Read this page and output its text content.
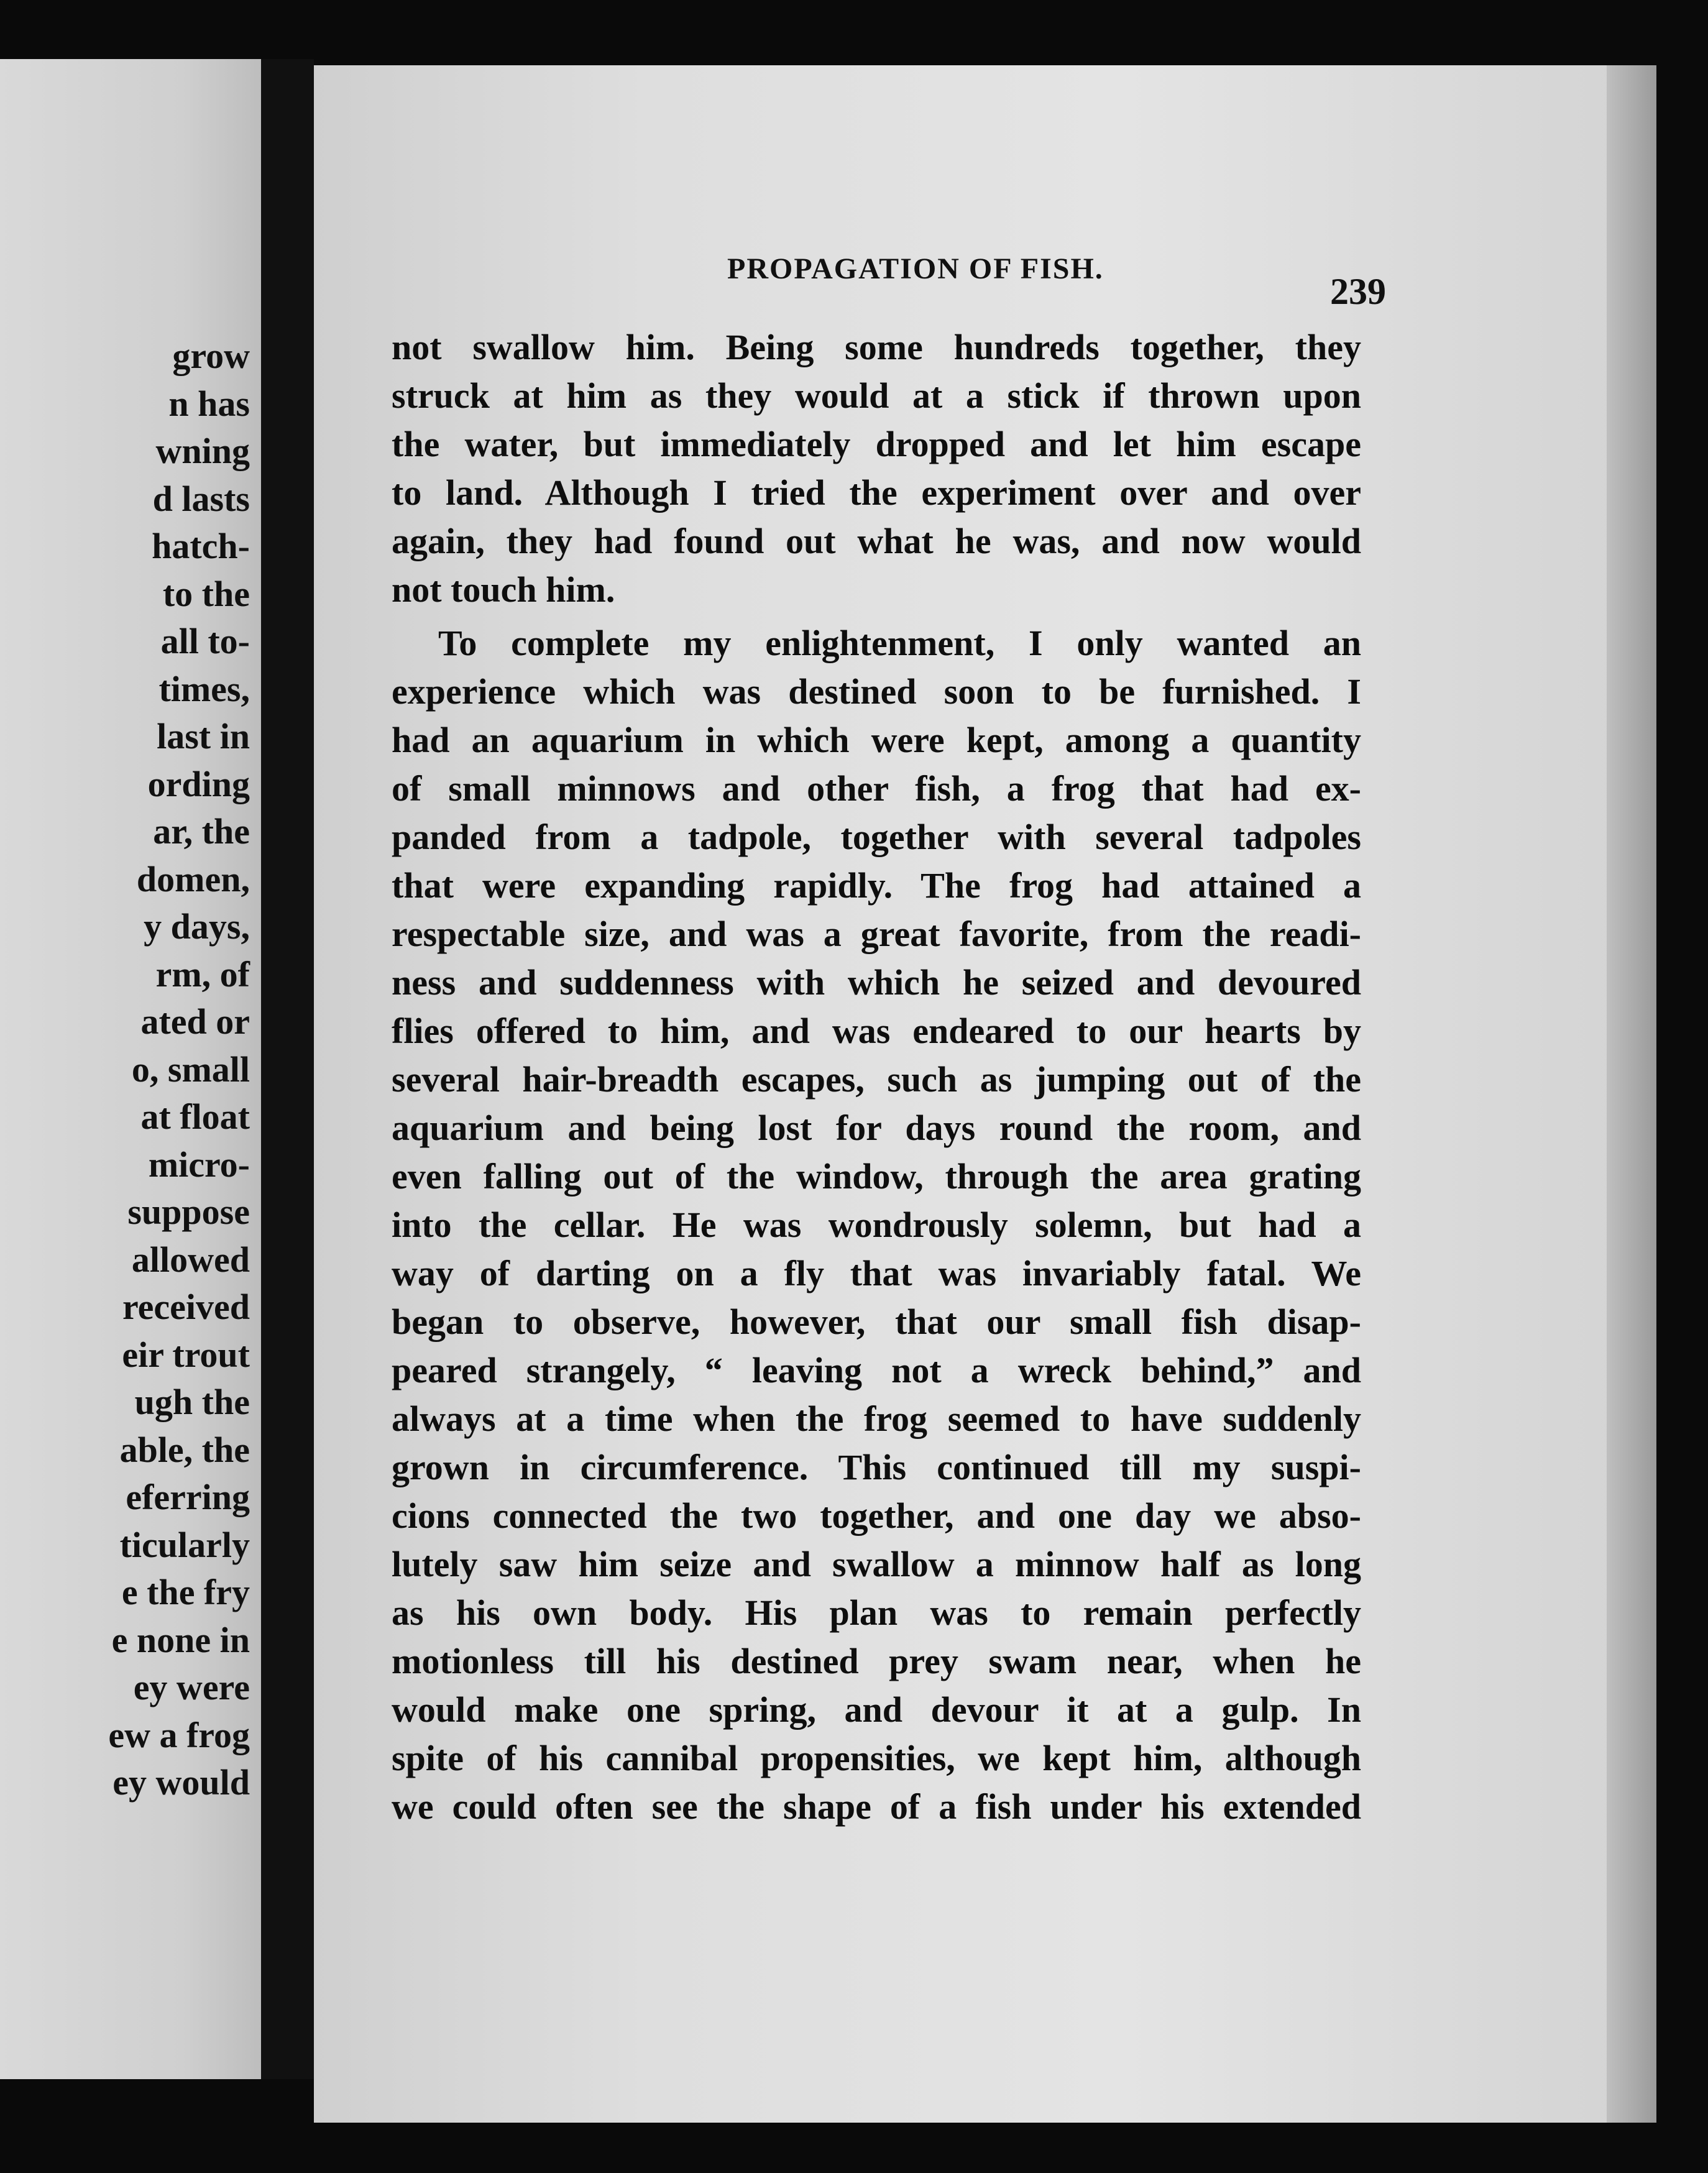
grow
n has
wning
d lasts
hatch-
to the
all to-
times,
last in
ording
ar, the
domen,
y days,
rm, of
ated or
o, small
at float
micro-
suppose
allowed
received
eir trout
ugh the
able, the
eferring
ticularly
e the fry
e none in
ey were
ew a frog
ey would
PROPAGATION OF FISH.
239
not swallow him. Being some hundreds together, they
struck at him as they would at a stick if thrown upon
the water, but immediately dropped and let him escape
to land. Although I tried the experiment over and over
again, they had found out what he was, and now would
not touch him.
To complete my enlightenment, I only wanted an
experience which was destined soon to be furnished. I
had an aquarium in which were kept, among a quantity
of small minnows and other fish, a frog that had ex-
panded from a tadpole, together with several tadpoles
that were expanding rapidly. The frog had attained a
respectable size, and was a great favorite, from the readi-
ness and suddenness with which he seized and devoured
flies offered to him, and was endeared to our hearts by
several hair-breadth escapes, such as jumping out of the
aquarium and being lost for days round the room, and
even falling out of the window, through the area grating
into the cellar. He was wondrously solemn, but had a
way of darting on a fly that was invariably fatal. We
began to observe, however, that our small fish disap-
peared strangely, “ leaving not a wreck behind,” and
always at a time when the frog seemed to have suddenly
grown in circumference. This continued till my suspi-
cions connected the two together, and one day we abso-
lutely saw him seize and swallow a minnow half as long
as his own body. His plan was to remain perfectly
motionless till his destined prey swam near, when he
would make one spring, and devour it at a gulp. In
spite of his cannibal propensities, we kept him, although
we could often see the shape of a fish under his extended
